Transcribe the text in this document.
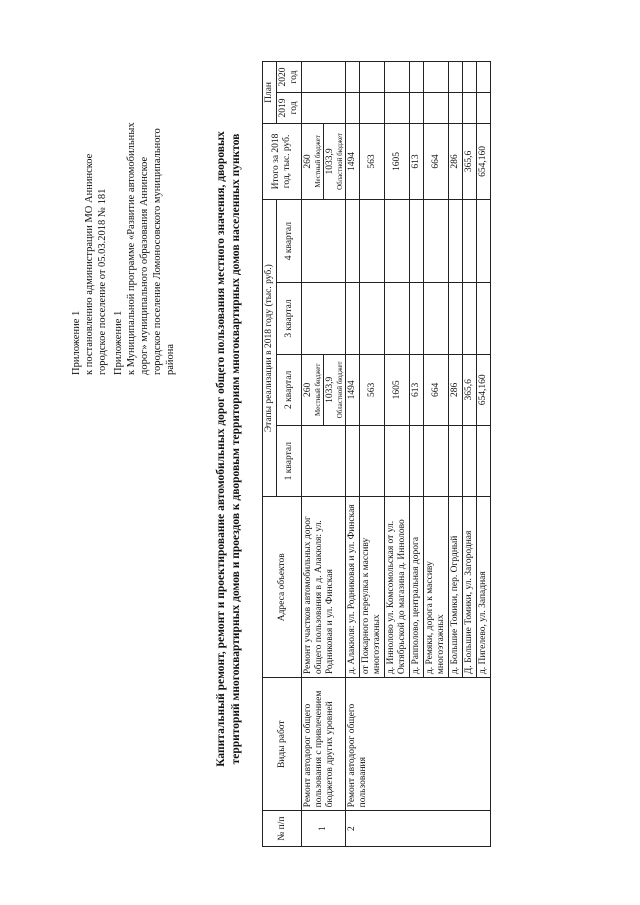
Приложение 1 к постановлению администрации МО Аннинское городское поселение от 05.03.2018 № 181 Приложение 1 к Муниципальной программе «Развитие автомобильных дорог» муниципального образования Аннинское городское поселение Ломоносовского муниципального района	Капитальный ремонт, ремонт и проектирование автомобильных дорог общего пользования местного значения, дворовых территорий многоквартирных домов и проездов к дворовым территориям многоквартирных домов населенных пунктов
№ п/п	Виды работ	Адреса объектов	Этапы реализации в 2018 году (тыс. руб.)				Итого за 2018 год, тыс. руб.	План	
			1 квартал	2 квартал	3 квартал	4 квартал			
								2019 год	2020 год
1	Ремонт автодорог общего пользования с привлечением бюджетов других уровней	Ремонт участков автомобильных дорог общего пользования в д. Алакюля: ул. Родниковая и ул. Финская		260 Местный бюджет			260 Местный бюджет		

				1033,9 Областной бюджет			1033,9 Областной бюджет		

2	Ремонт автодорог общего пользования	д. Алакюля: ул. Родниковая и ул. Финская		1494			1494		
		от Пожарного переулка к массиву многоэтажных		563			563		
		д. Иннолово ул. Комсомольская от ул. Октябрьской до магазина д. Иннолово		1605			1605		
		д. Рапполово, центральная дорога		613			613		
		д. Ремяки, дорога к массиву многоэтажных		664			664		
		д. Большие Томики, пер. Огрдный		286			286		
		Д. Большие Томики, ул. Загородная		365,6			365,6		
		д. Пигелево, ул. Западная		654,160			654,160		
